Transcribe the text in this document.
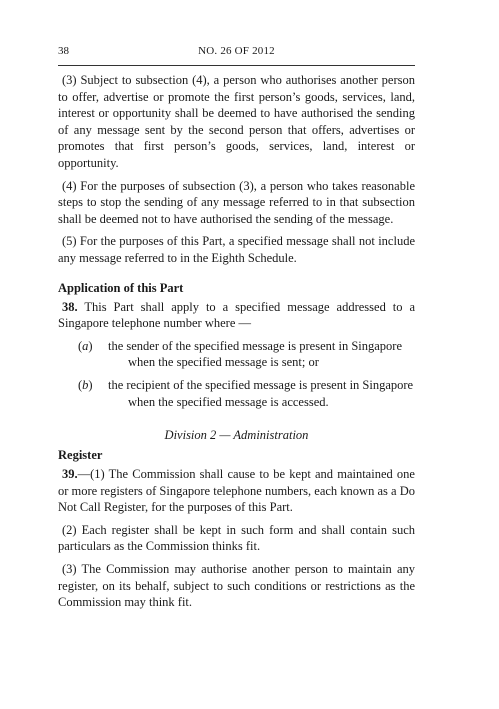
38	NO. 26 OF 2012

(3) Subject to subsection (4), a person who authorises another person to offer, advertise or promote the first person’s goods, services, land, interest or opportunity shall be deemed to have authorised the sending of any message sent by the second person that offers, advertises or promotes that first person’s goods, services, land, interest or opportunity.

(4) For the purposes of subsection (3), a person who takes reasonable steps to stop the sending of any message referred to in that subsection shall be deemed not to have authorised the sending of the message.

(5) For the purposes of this Part, a specified message shall not include any message referred to in the Eighth Schedule.

Application of this Part

38. This Part shall apply to a specified message addressed to a Singapore telephone number where —

(a)	the sender of the specified message is present in Singapore
when the specified message is sent; or
(b)	the recipient of the specified message is present in Singapore
when the specified message is accessed.
Division 2 — Administration
Register

39.—(1) The Commission shall cause to be kept and maintained one or more registers of Singapore telephone numbers, each known as a Do Not Call Register, for the purposes of this Part.

(2) Each register shall be kept in such form and shall contain such particulars as the Commission thinks fit.

(3) The Commission may authorise another person to maintain any register, on its behalf, subject to such conditions or restrictions as the Commission may think fit.
